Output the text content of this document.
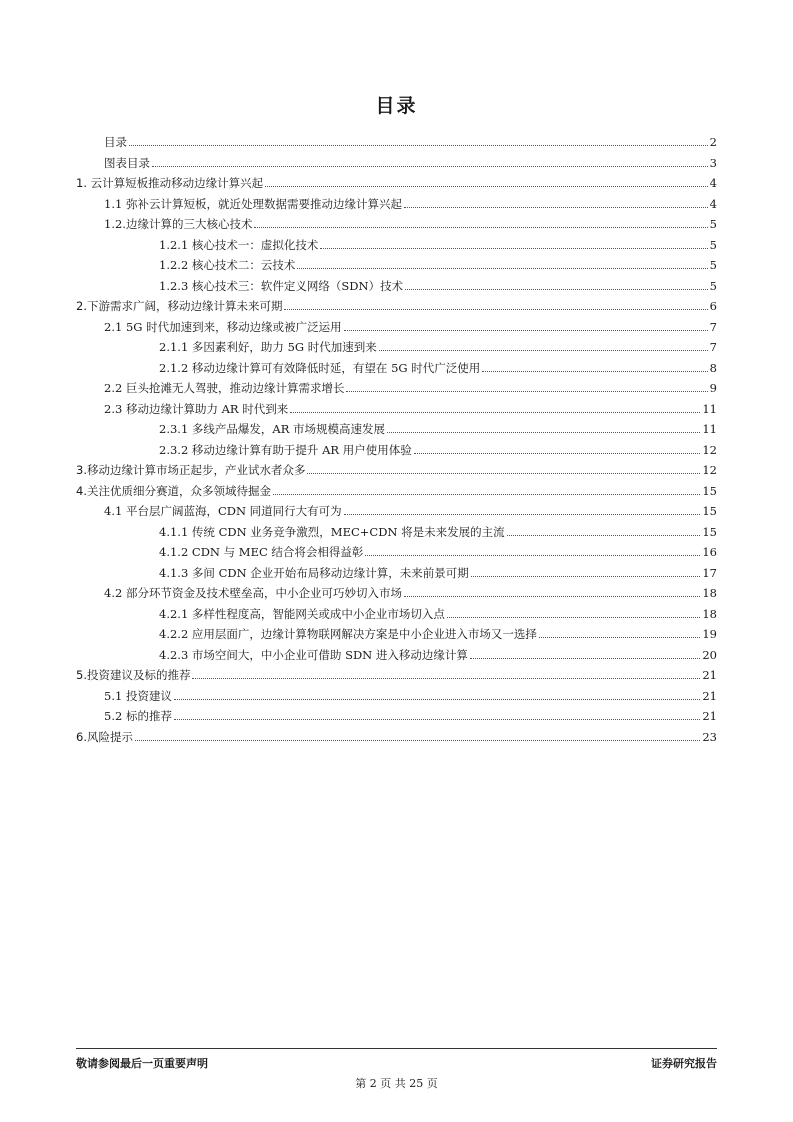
目录
目录	2
图表目录	3
1. 云计算短板推动移动边缘计算兴起	4
1.1 弥补云计算短板，就近处理数据需要推动边缘计算兴起	4
1.2.边缘计算的三大核心技术	5
1.2.1 核心技术一：虚拟化技术	5
1.2.2 核心技术二：云技术	5
1.2.3 核心技术三：软件定义网络（SDN）技术	5
2.下游需求广阔，移动边缘计算未来可期	6
2.1 5G 时代加速到来，移动边缘或被广泛运用	7
2.1.1 多因素利好，助力 5G 时代加速到来	7
2.1.2 移动边缘计算可有效降低时延，有望在 5G 时代广泛使用	8
2.2 巨头抢滩无人驾驶，推动边缘计算需求增长	9
2.3 移动边缘计算助力 AR 时代到来	11
2.3.1 多线产品爆发，AR 市场规模高速发展	11
2.3.2 移动边缘计算有助于提升 AR 用户使用体验	12
3.移动边缘计算市场正起步，产业试水者众多	12
4.关注优质细分赛道，众多领域待掘金	15
4.1 平台层广阔蓝海，CDN 同道同行大有可为	15
4.1.1 传统 CDN 业务竞争激烈，MEC+CDN 将是未来发展的主流	15
4.1.2 CDN 与 MEC 结合将会相得益彰	16
4.1.3 多间 CDN 企业开始布局移动边缘计算，未来前景可期	17
4.2 部分环节资金及技术壁垒高，中小企业可巧妙切入市场	18
4.2.1 多样性程度高，智能网关或成中小企业市场切入点	18
4.2.2 应用层面广，边缘计算物联网解决方案是中小企业进入市场又一选择	19
4.2.3 市场空间大，中小企业可借助 SDN 进入移动边缘计算	20
5.投资建议及标的推荐	21
5.1 投资建议	21
5.2 标的推荐	21
6.风险提示	23
敬请参阅最后一页重要声明	证券研究报告
第 2 页 共 25 页
